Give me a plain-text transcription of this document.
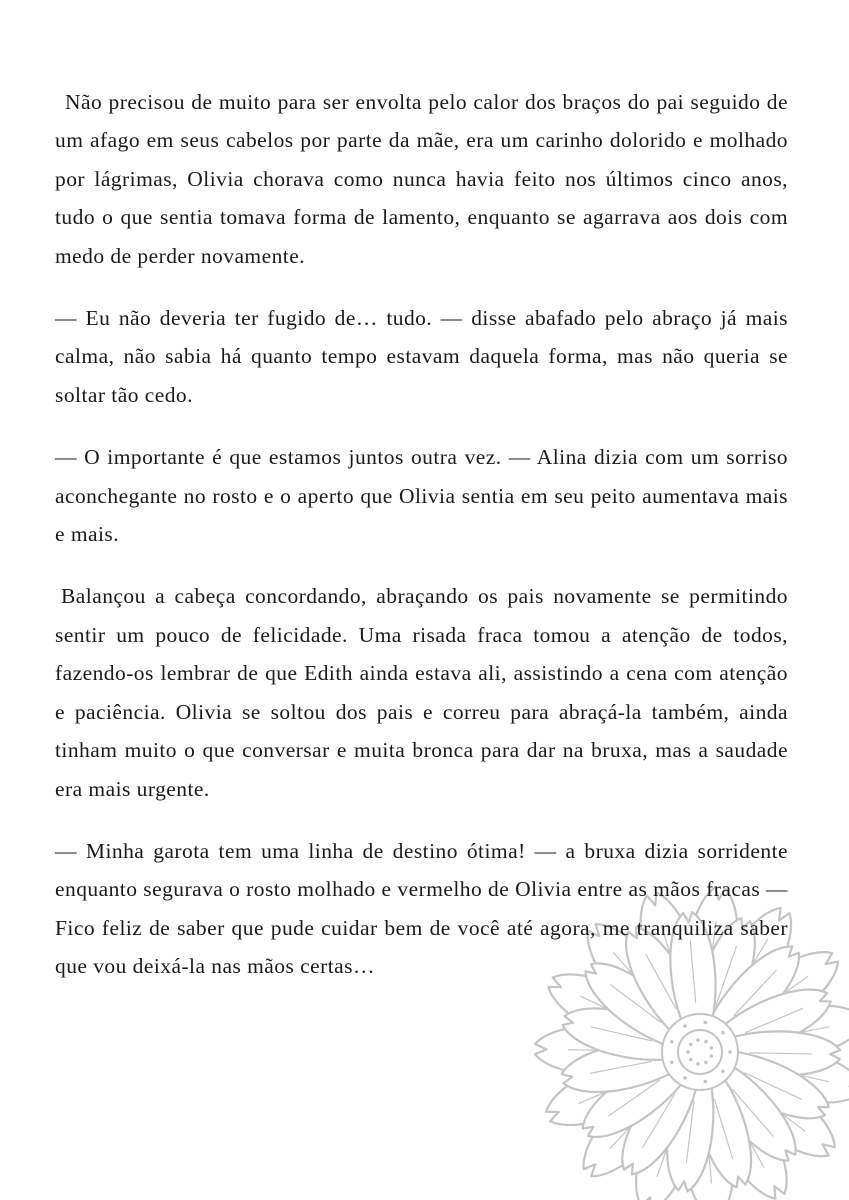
Não precisou de muito para ser envolta pelo calor dos braços do pai seguido de um afago em seus cabelos por parte da mãe, era um carinho dolorido e molhado por lágrimas, Olivia chorava como nunca havia feito nos últimos cinco anos, tudo o que sentia tomava forma de lamento, enquanto se agarrava aos dois com medo de perder novamente.

— Eu não deveria ter fugido de… tudo. — disse abafado pelo abraço já mais calma, não sabia há quanto tempo estavam daquela forma, mas não queria se soltar tão cedo.

— O importante é que estamos juntos outra vez. — Alina dizia com um sorriso aconchegante no rosto e o aperto que Olivia sentia em seu peito aumentava mais e mais.

Balançou a cabeça concordando, abraçando os pais novamente se permitindo sentir um pouco de felicidade. Uma risada fraca tomou a atenção de todos, fazendo-os lembrar de que Edith ainda estava ali, assistindo a cena com atenção e paciência. Olivia se soltou dos pais e correu para abraçá-la também, ainda tinham muito o que conversar e muita bronca para dar na bruxa, mas a saudade era mais urgente.

— Minha garota tem uma linha de destino ótima! — a bruxa dizia sorridente enquanto segurava o rosto molhado e vermelho de Olivia entre as mãos fracas — Fico feliz de saber que pude cuidar bem de você até agora, me tranquiliza saber que vou deixá-la nas mãos certas…
